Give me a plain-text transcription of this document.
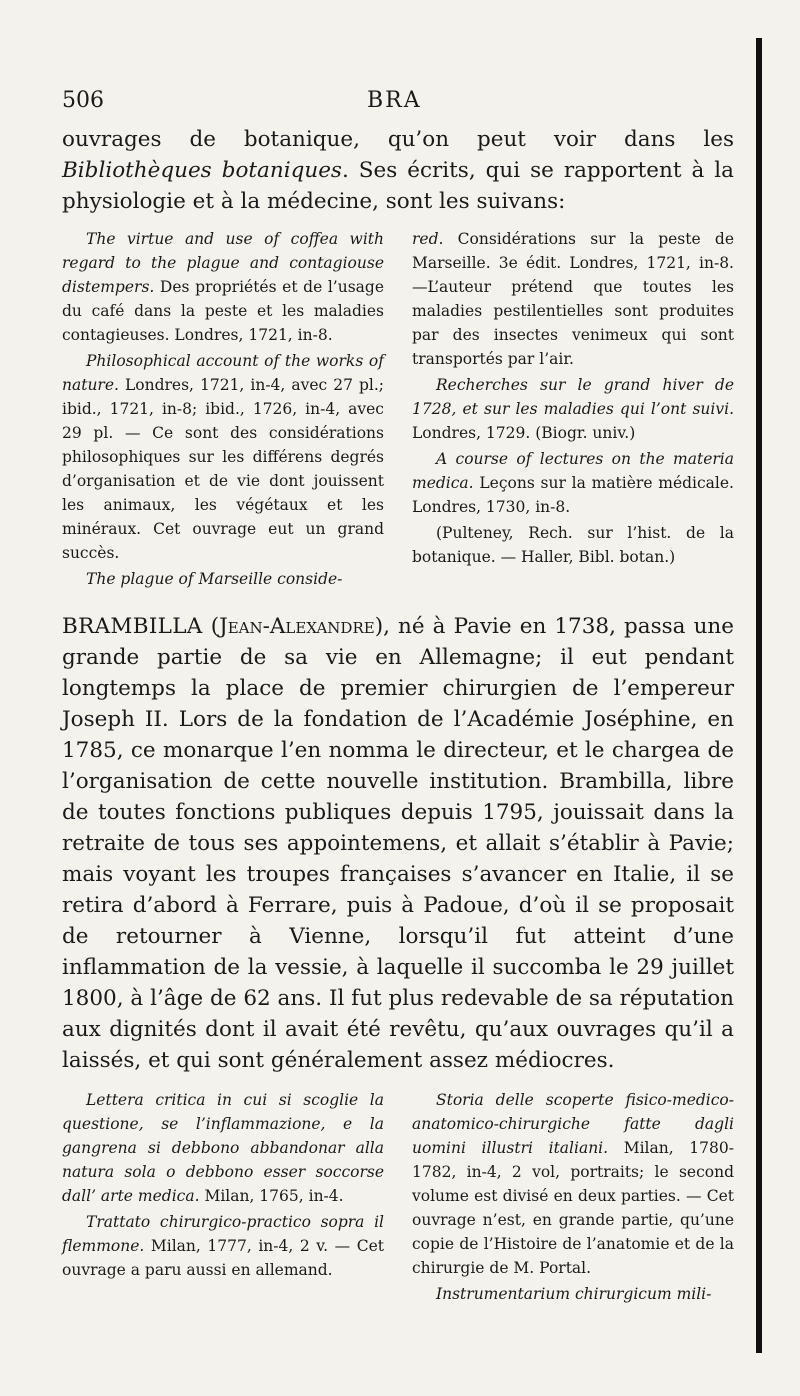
506	BRA

ouvrages de botanique, qu’on peut voir dans les Bibliothèques botaniques. Ses écrits, qui se rapportent à la physiologie et à la médecine, sont les suivans:

The virtue and use of coffea with regard to the plague and contagiouse distempers. Des propriétés et de l’usage du café dans la peste et les maladies contagieuses. Londres, 1721, in-8.

Philosophical account of the works of nature. Londres, 1721, in-4, avec 27 pl.; ibid., 1721, in-8; ibid., 1726, in-4, avec 29 pl. — Ce sont des considérations philosophiques sur les différens degrés d’organisation et de vie dont jouissent les animaux, les végétaux et les minéraux. Cet ouvrage eut un grand succès.

The plague of Marseille conside-

red. Considérations sur la peste de Marseille. 3e édit. Londres, 1721, in-8. —L’auteur prétend que toutes les maladies pestilentielles sont produites par des insectes venimeux qui sont transportés par l’air.

Recherches sur le grand hiver de 1728, et sur les maladies qui l’ont suivi. Londres, 1729. (Biogr. univ.)

A course of lectures on the materia medica. Leçons sur la matière médicale. Londres, 1730, in-8.

(Pulteney, Rech. sur l’hist. de la botanique. — Haller, Bibl. botan.)

BRAMBILLA (Jean-Alexandre), né à Pavie en 1738, passa une grande partie de sa vie en Allemagne; il eut pendant longtemps la place de premier chirurgien de l’empereur Joseph II. Lors de la fondation de l’Académie Joséphine, en 1785, ce monarque l’en nomma le directeur, et le chargea de l’organisation de cette nouvelle institution. Brambilla, libre de toutes fonctions publiques depuis 1795, jouissait dans la retraite de tous ses appointemens, et allait s’établir à Pavie; mais voyant les troupes françaises s’avancer en Italie, il se retira d’abord à Ferrare, puis à Padoue, d’où il se proposait de retourner à Vienne, lorsqu’il fut atteint d’une inflammation de la vessie, à laquelle il succomba le 29 juillet 1800, à l’âge de 62 ans. Il fut plus redevable de sa réputation aux dignités dont il avait été revêtu, qu’aux ouvrages qu’il a laissés, et qui sont généralement assez médiocres.

Lettera critica in cui si scoglie la questione, se l’inflammazione, e la gangrena si debbono abbandonar alla natura sola o debbono esser soccorse dall’ arte medica. Milan, 1765, in-4.

Trattato chirurgico-practico sopra il flemmone. Milan, 1777, in-4, 2 v. — Cet ouvrage a paru aussi en allemand.

Storia delle scoperte fisico-medico-anatomico-chirurgiche fatte dagli uomini illustri italiani. Milan, 1780-1782, in-4, 2 vol, portraits; le second volume est divisé en deux parties. — Cet ouvrage n’est, en grande partie, qu’une copie de l’Histoire de l’anatomie et de la chirurgie de M. Portal.

Instrumentarium chirurgicum mili-
